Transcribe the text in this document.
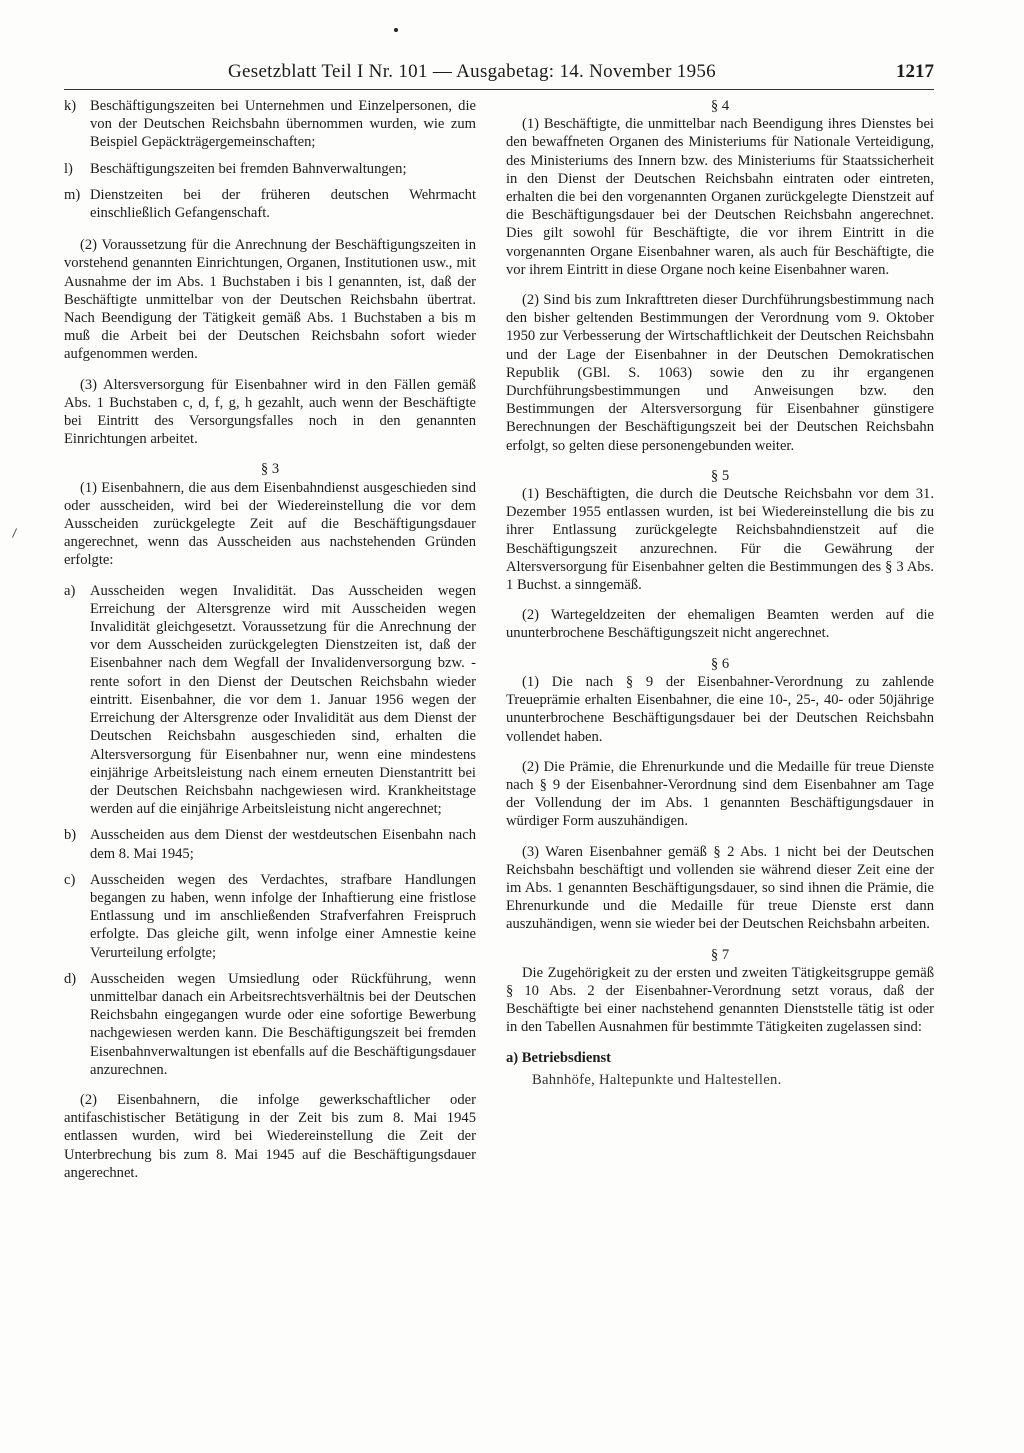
Gesetzblatt Teil I Nr. 101 — Ausgabetag: 14. November 1956	1217
k) Beschäftigungszeiten bei Unternehmen und Einzelpersonen, die von der Deutschen Reichsbahn übernommen wurden, wie zum Beispiel Gepäckträgergemeinschaften;
l)	Beschäftigungszeiten bei fremden Bahnverwaltungen;
m) Dienstzeiten bei der früheren deutschen Wehrmacht einschließlich Gefangenschaft.

(2) Voraussetzung für die Anrechnung der Beschäftigungszeiten in vorstehend genannten Einrichtungen, Organen, Institutionen usw., mit Ausnahme der im Abs. 1 Buchstaben i bis l genannten, ist, daß der Beschäftigte unmittelbar von der Deutschen Reichsbahn übertrat. Nach Beendigung der Tätigkeit gemäß Abs. 1 Buchstaben a bis m muß die Arbeit bei der Deutschen Reichsbahn sofort wieder aufgenommen werden.

(3) Altersversorgung für Eisenbahner wird in den Fällen gemäß Abs. 1 Buchstaben c, d, f, g, h gezahlt, auch wenn der Beschäftigte bei Eintritt des Versorgungsfalles noch in den genannten Einrichtungen arbeitet.

§ 3

(1) Eisenbahnern, die aus dem Eisenbahndienst ausgeschieden sind oder ausscheiden, wird bei der Wiedereinstellung die vor dem Ausscheiden zurückgelegte Zeit auf die Beschäftigungsdauer angerechnet, wenn das Ausscheiden aus nachstehenden Gründen erfolgte:

a)	Ausscheiden wegen Invalidität. Das Ausscheiden wegen Erreichung der Altersgrenze wird mit Ausscheiden wegen Invalidität gleichgesetzt. Voraussetzung für die Anrechnung der vor dem Ausscheiden zurückgelegten Dienstzeiten ist, daß der Eisenbahner nach dem Wegfall der Invalidenversorgung bzw. -rente sofort in den Dienst der Deutschen Reichsbahn wieder eintritt. Eisenbahner, die vor dem 1. Januar 1956 wegen der Erreichung der Altersgrenze oder Invalidität aus dem Dienst der Deutschen Reichsbahn ausgeschieden sind, erhalten die Altersversorgung für Eisenbahner nur, wenn eine mindestens einjährige Arbeitsleistung nach einem erneuten Dienstantritt bei der Deutschen Reichsbahn nachgewiesen wird. Krankheitstage werden auf die einjährige Arbeitsleistung nicht angerechnet;
b) Ausscheiden aus dem Dienst der westdeutschen Eisenbahn nach dem 8. Mai 1945;
c)	Ausscheiden wegen des Verdachtes, strafbare Handlungen begangen zu haben, wenn infolge der Inhaftierung eine fristlose Entlassung und im anschließenden Strafverfahren Freispruch erfolgte. Das gleiche gilt, wenn infolge einer Amnestie keine Verurteilung erfolgte;
d) Ausscheiden wegen Umsiedlung oder Rückführung, wenn unmittelbar danach ein Arbeitsrechtsverhältnis bei der Deutschen Reichsbahn eingegangen wurde oder eine sofortige Bewerbung nachgewiesen werden kann. Die Beschäftigungszeit bei fremden Eisenbahnverwaltungen ist ebenfalls auf die Beschäftigungsdauer anzurechnen.

(2) Eisenbahnern, die infolge gewerkschaftlicher oder antifaschistischer Betätigung in der Zeit bis zum 8. Mai 1945 entlassen wurden, wird bei Wiedereinstellung die Zeit der Unterbrechung bis zum 8. Mai 1945 auf die Beschäftigungsdauer angerechnet.

§ 4

(1) Beschäftigte, die unmittelbar nach Beendigung ihres Dienstes bei den bewaffneten Organen des Ministeriums für Nationale Verteidigung, des Ministeriums des Innern bzw. des Ministeriums für Staatssicherheit in den Dienst der Deutschen Reichsbahn eintraten oder eintreten, erhalten die bei den vorgenannten Organen zurückgelegte Dienstzeit auf die Beschäftigungsdauer bei der Deutschen Reichsbahn angerechnet. Dies gilt sowohl für Beschäftigte, die vor ihrem Eintritt in die vorgenannten Organe Eisenbahner waren, als auch für Beschäftigte, die vor ihrem Eintritt in diese Organe noch keine Eisenbahner waren.

(2) Sind bis zum Inkrafttreten dieser Durchführungsbestimmung nach den bisher geltenden Bestimmungen der Verordnung vom 9. Oktober 1950 zur Verbesserung der Wirtschaftlichkeit der Deutschen Reichsbahn und der Lage der Eisenbahner in der Deutschen Demokratischen Republik (GBl. S. 1063) sowie den zu ihr ergangenen Durchführungsbestimmungen und Anweisungen bzw. den Bestimmungen der Altersversorgung für Eisenbahner günstigere Berechnungen der Beschäftigungszeit bei der Deutschen Reichsbahn erfolgt, so gelten diese personengebunden weiter.

§ 5

(1) Beschäftigten, die durch die Deutsche Reichsbahn vor dem 31. Dezember 1955 entlassen wurden, ist bei Wiedereinstellung die bis zu ihrer Entlassung zurückgelegte Reichsbahndienstzeit auf die Beschäftigungszeit anzurechnen. Für die Gewährung der Altersversorgung für Eisenbahner gelten die Bestimmungen des § 3 Abs. 1 Buchst. a sinngemäß.

(2) Wartegeldzeiten der ehemaligen Beamten werden auf die ununterbrochene Beschäftigungszeit nicht angerechnet.

§ 6

(1) Die nach § 9 der Eisenbahner-Verordnung zu zahlende Treueprämie erhalten Eisenbahner, die eine 10-, 25-, 40- oder 50jährige ununterbrochene Beschäftigungsdauer bei der Deutschen Reichsbahn vollendet haben.

(2) Die Prämie, die Ehrenurkunde und die Medaille für treue Dienste nach § 9 der Eisenbahner-Verordnung sind dem Eisenbahner am Tage der Vollendung der im Abs. 1 genannten Beschäftigungsdauer in würdiger Form auszuhändigen.

(3) Waren Eisenbahner gemäß § 2 Abs. 1 nicht bei der Deutschen Reichsbahn beschäftigt und vollenden sie während dieser Zeit eine der im Abs. 1 genannten Beschäftigungsdauer, so sind ihnen die Prämie, die Ehrenurkunde und die Medaille für treue Dienste erst dann auszuhändigen, wenn sie wieder bei der Deutschen Reichsbahn arbeiten.

§ 7

Die Zugehörigkeit zu der ersten und zweiten Tätigkeitsgruppe gemäß § 10 Abs. 2 der Eisenbahner-Verordnung setzt voraus, daß der Beschäftigte bei einer nachstehend genannten Dienststelle tätig ist oder in den Tabellen Ausnahmen für bestimmte Tätigkeiten zugelassen sind:

a) Betriebsdienst

Bahnhöfe, Haltepunkte und Haltestellen.
